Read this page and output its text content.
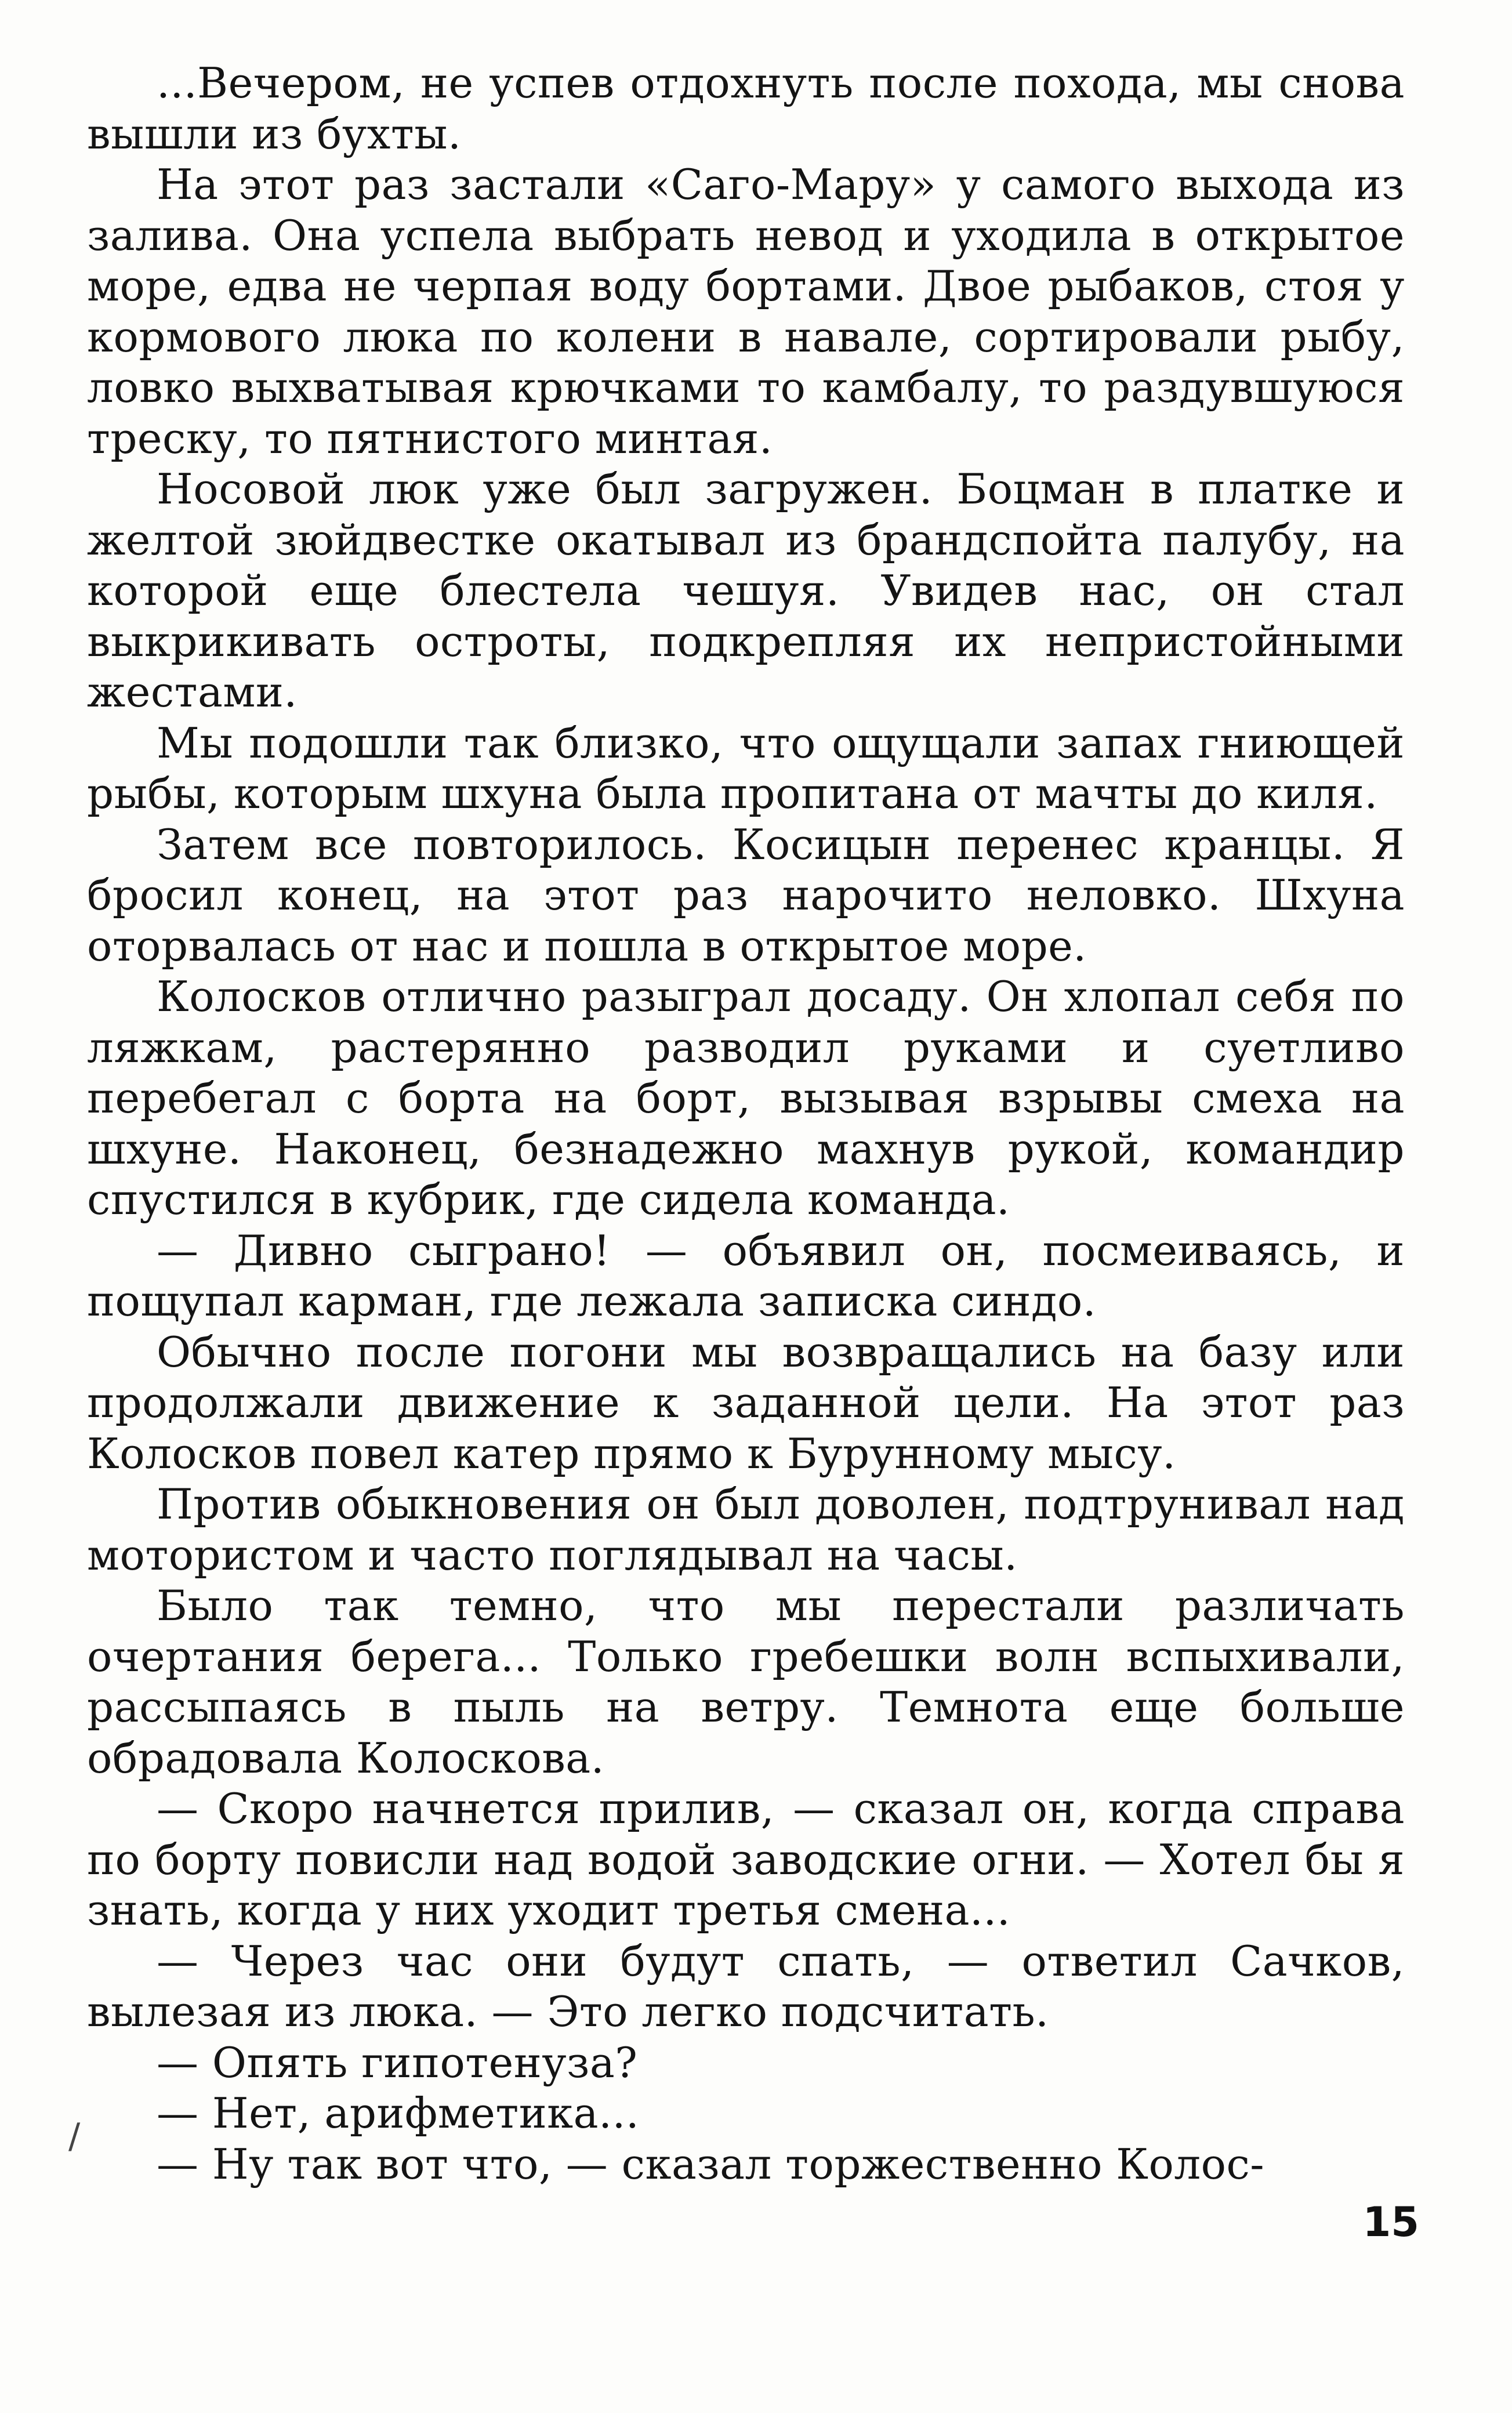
...Вечером, не успев отдохнуть после похода, мы снова вышли из бухты.

На этот раз застали «Саго-Мару» у самого выхода из залива. Она успела выбрать невод и уходила в открытое море, едва не черпая воду бортами. Двое рыбаков, стоя у кормового люка по колени в навале, сортировали рыбу, ловко выхватывая крючками то камбалу, то раздувшуюся треску, то пятнистого минтая.

Носовой люк уже был загружен. Боцман в платке и желтой зюйдвестке окатывал из брандспойта палубу, на которой еще блестела чешуя. Увидев нас, он стал выкрикивать остроты, подкрепляя их непристойными жестами.

Мы подошли так близко, что ощущали запах гниющей рыбы, которым шхуна была пропитана от мачты до киля.

Затем все повторилось. Косицын перенес кранцы. Я бросил конец, на этот раз нарочито неловко. Шхуна оторвалась от нас и пошла в открытое море.

Колосков отлично разыграл досаду. Он хлопал себя по ляжкам, растерянно разводил руками и суетливо перебегал с борта на борт, вызывая взрывы смеха на шхуне. Наконец, безнадежно махнув рукой, командир спустился в кубрик, где сидела команда.

— Дивно сыграно! — объявил он, посмеиваясь, и пощупал карман, где лежала записка синдо.

Обычно после погони мы возвращались на базу или продолжали движение к заданной цели. На этот раз Колосков повел катер прямо к Бурунному мысу.

Против обыкновения он был доволен, подтрунивал над мотористом и часто поглядывал на часы.

Было так темно, что мы перестали различать очертания берега... Только гребешки волн вспыхивали, рассыпаясь в пыль на ветру. Темнота еще больше обрадовала Колоскова.

— Скоро начнется прилив, — сказал он, когда справа по борту повисли над водой заводские огни. — Хотел бы я знать, когда у них уходит третья смена...

— Через час они будут спать, — ответил Сачков, вылезая из люка. — Это легко подсчитать.

— Опять гипотенуза?

— Нет, арифметика...

— Ну так вот что, — сказал торжественно Колос-

/
15
